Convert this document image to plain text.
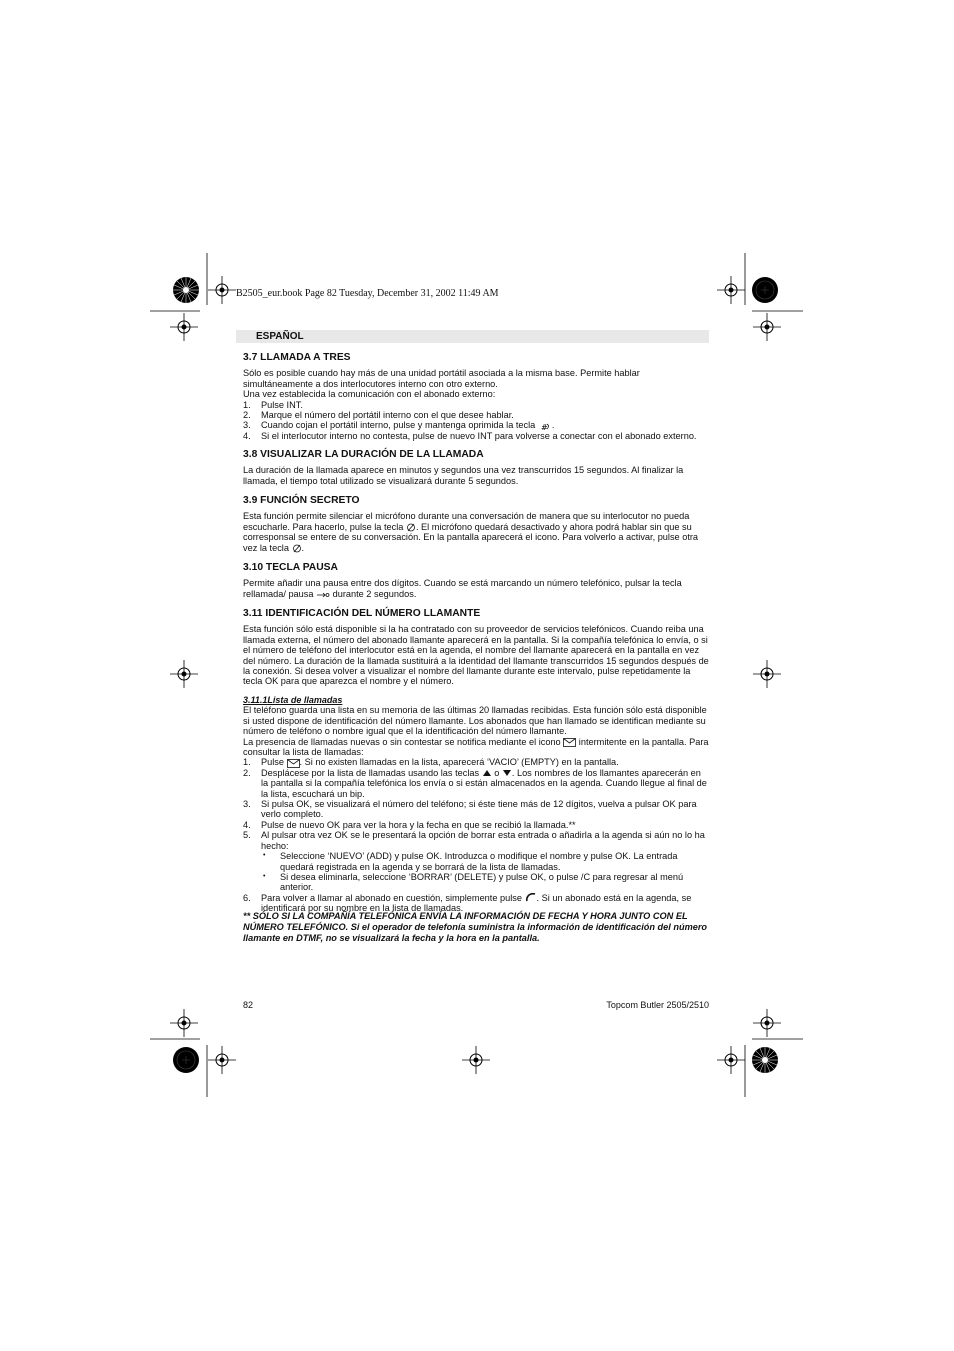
B2505_eur.book Page 82 Tuesday, December 31, 2002 11:49 AM
ESPAÑOL
3.7 LLAMADA A TRES

Sólo es posible cuando hay más de una unidad portátil asociada a la misma base. Permite hablar simultáneamente a dos interlocutores interno con otro externo.

Una vez establecida la comunicación con el abonado externo:

1. Pulse INT.
2. Marque el número del portátil interno con el que desee hablar.
3. Cuando cojan el portátil interno, pulse y mantenga oprimida la tecla # .
4. Si el interlocutor interno no contesta, pulse de nuevo INT para volverse a conectar con el abonado externo.
3.8 VISUALIZAR LA DURACIÓN DE LA LLAMADA

La duración de la llamada aparece en minutos y segundos una vez transcurridos 15 segundos. Al finalizar la llamada, el tiempo total utilizado se visualizará durante 5 segundos.

3.9 FUNCIÓN SECRETO

Esta función permite silenciar el micrófono durante una conversación de manera que su interlocutor no pueda escucharle. Para hacerlo, pulse la tecla . El micrófono quedará desactivado y ahora podrá hablar sin que su corresponsal se entere de su conversación. En la pantalla aparecerá el icono. Para volverlo a activar, pulse otra vez la tecla .

3.10 TECLA PAUSA

Permite añadir una pausa entre dos dígitos. Cuando se está marcando un número telefónico, pulsar la tecla rellamada/ pausa  durante 2 segundos.

3.11 IDENTIFICACIÓN DEL NÚMERO LLAMANTE

Esta función sólo está disponible si la ha contratado con su proveedor de servicios telefónicos. Cuando reiba una llamada externa, el número del abonado llamante aparecerá en la pantalla. Si la compañía telefónica lo envía, o si el número de teléfono del interlocutor está en la agenda, el nombre del llamante aparecerá en la pantalla en vez del número. La duración de la llamada sustituirá a la identidad del llamante transcurridos 15 segundos después de la conexión. Si desea volver a visualizar el nombre del llamante durante este intervalo, pulse repetidamente la tecla OK para que aparezca el nombre y el número.

3.11.1Lista de llamadas

El teléfono guarda una lista en su memoria de las últimas 20 llamadas recibidas. Esta función sólo está disponible si usted dispone de identificación del número llamante. Los abonados que han llamado se identifican mediante su número de teléfono o nombre igual que el la identificación del número llamante.

La presencia de llamadas nuevas o sin contestar se notifica mediante el icono  intermitente en la pantalla. Para consultar la lista de llamadas:

1. Pulse . Si no existen llamadas en la lista, aparecerá ‘VACIO’ (EMPTY) en la pantalla.
2. Desplácese por la lista de llamadas usando las teclas  o . Los nombres de los llamantes aparecerán en la pantalla si la compañía telefónica los envía o si están almacenados en la agenda. Cuando llegue al final de la lista, escuchará un bip.
3. Si pulsa OK, se visualizará el número del teléfono; si éste tiene más de 12 dígitos, vuelva a pulsar OK para verlo completo.
4. Pulse de nuevo OK para ver la hora y la fecha en que se recibió la llamada.**
5. Al pulsar otra vez OK se le presentará la opción de borrar esta entrada o añadirla a la agenda si aún no lo ha hecho:
• Seleccione ‘NUEVO’ (ADD) y pulse OK. Introduzca o modifique el nombre y pulse OK. La entrada quedará registrada en la agenda y se borrará de la lista de llamadas.
• Si desea eliminarla, seleccione ‘BORRAR’ (DELETE) y pulse OK, o pulse /C para regresar al menú anterior.
6. Para volver a llamar al abonado en cuestión, simplemente pulse . Si un abonado está en la agenda, se identificará por su nombre en la lista de llamadas.
** SÓLO SI LA COMPAÑÍA TELEFÓNICA ENVÍA LA INFORMACIÓN DE FECHA Y HORA JUNTO CON EL NÚMERO TELEFÓNICO. Si el operador de telefonía suministra la información de identificación del número llamante en DTMF, no se visualizará la fecha y la hora en la pantalla.
82	Topcom Butler 2505/2510
